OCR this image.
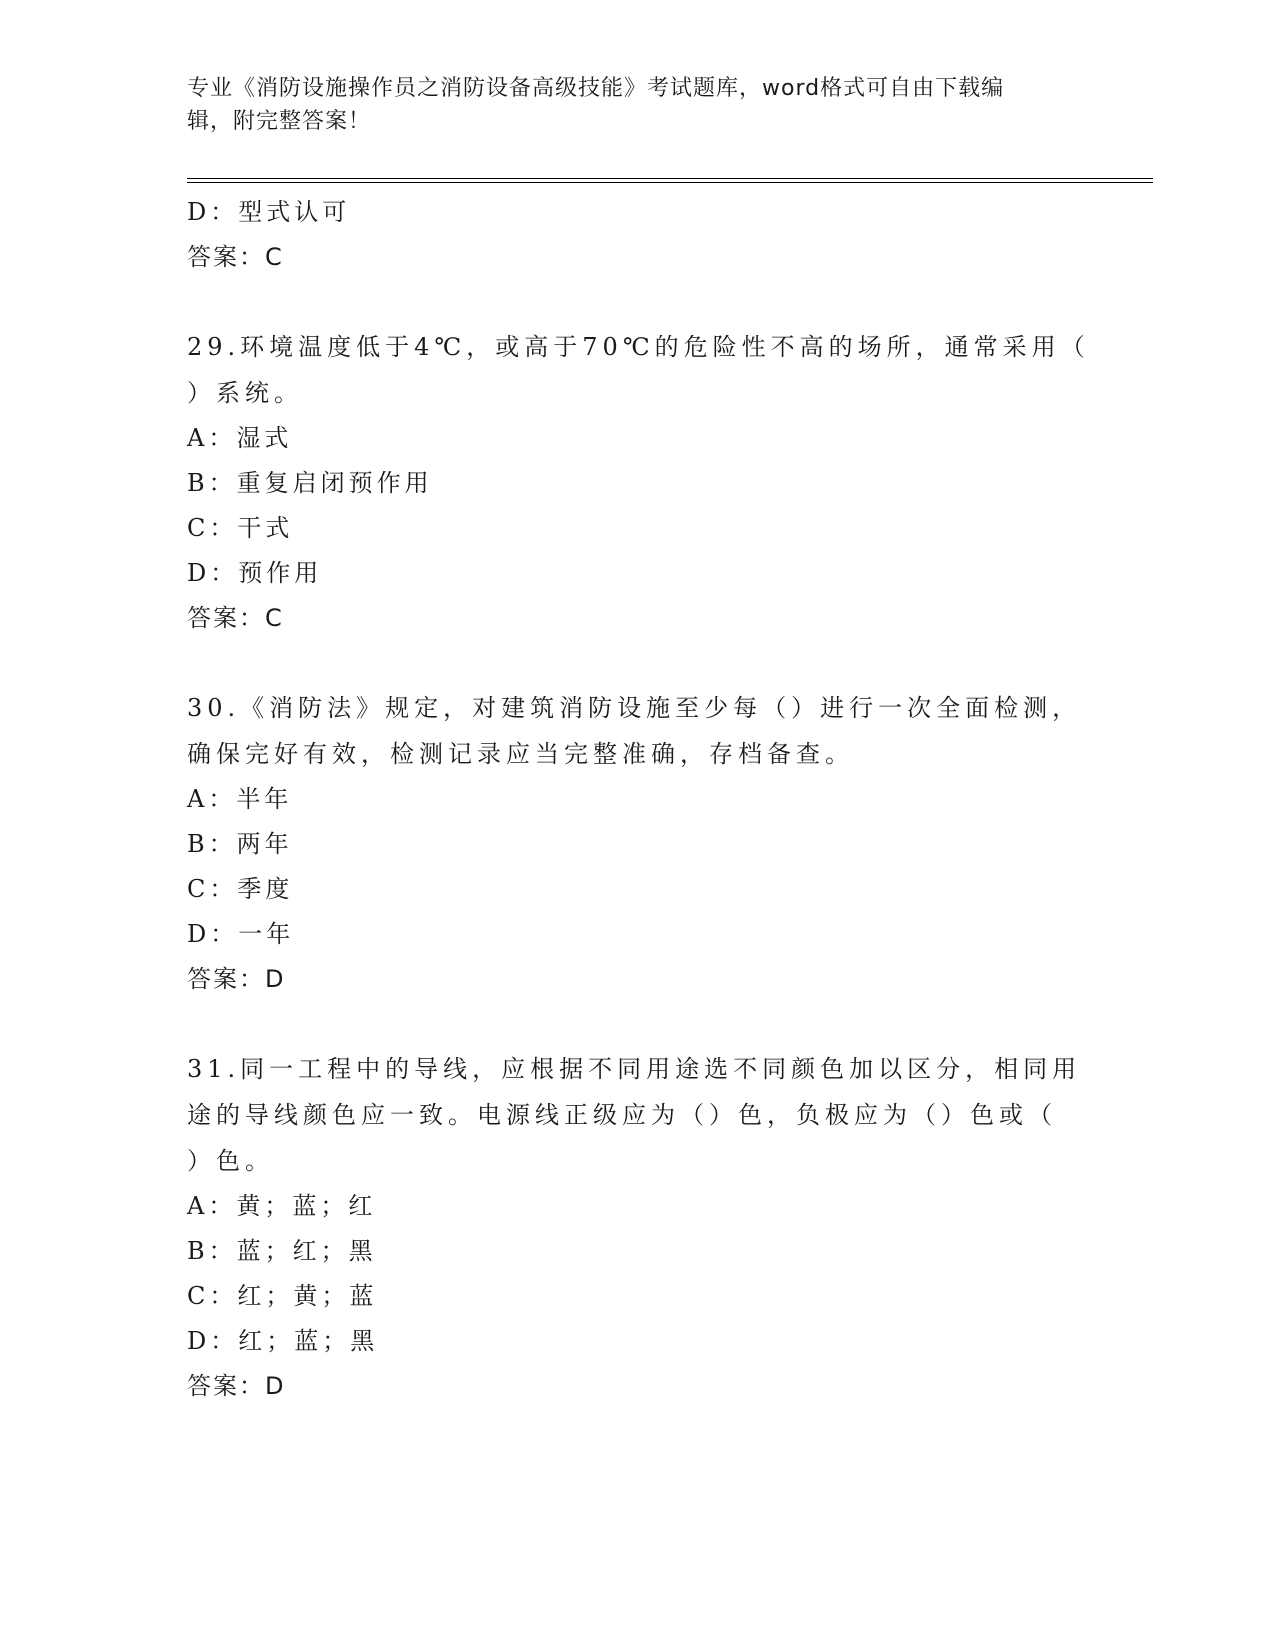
专业《消防设施操作员之消防设备高级技能》考试题库，word格式可自由下载编
辑，附完整答案！
D：型式认可
答案：C
29.环境温度低于4℃，或高于70℃的危险性不高的场所，通常采用（
）系统。
A：湿式
B：重复启闭预作用
C：干式
D：预作用
答案：C
30.《消防法》规定，对建筑消防设施至少每（）进行一次全面检测，
确保完好有效，检测记录应当完整准确，存档备查。
A：半年
B：两年
C：季度
D：一年
答案：D
31.同一工程中的导线，应根据不同用途选不同颜色加以区分，相同用
途的导线颜色应一致。电源线正级应为（）色，负极应为（）色或（
）色。
A：黄；蓝；红
B：蓝；红；黑
C：红；黄；蓝
D：红；蓝；黑
答案：D
